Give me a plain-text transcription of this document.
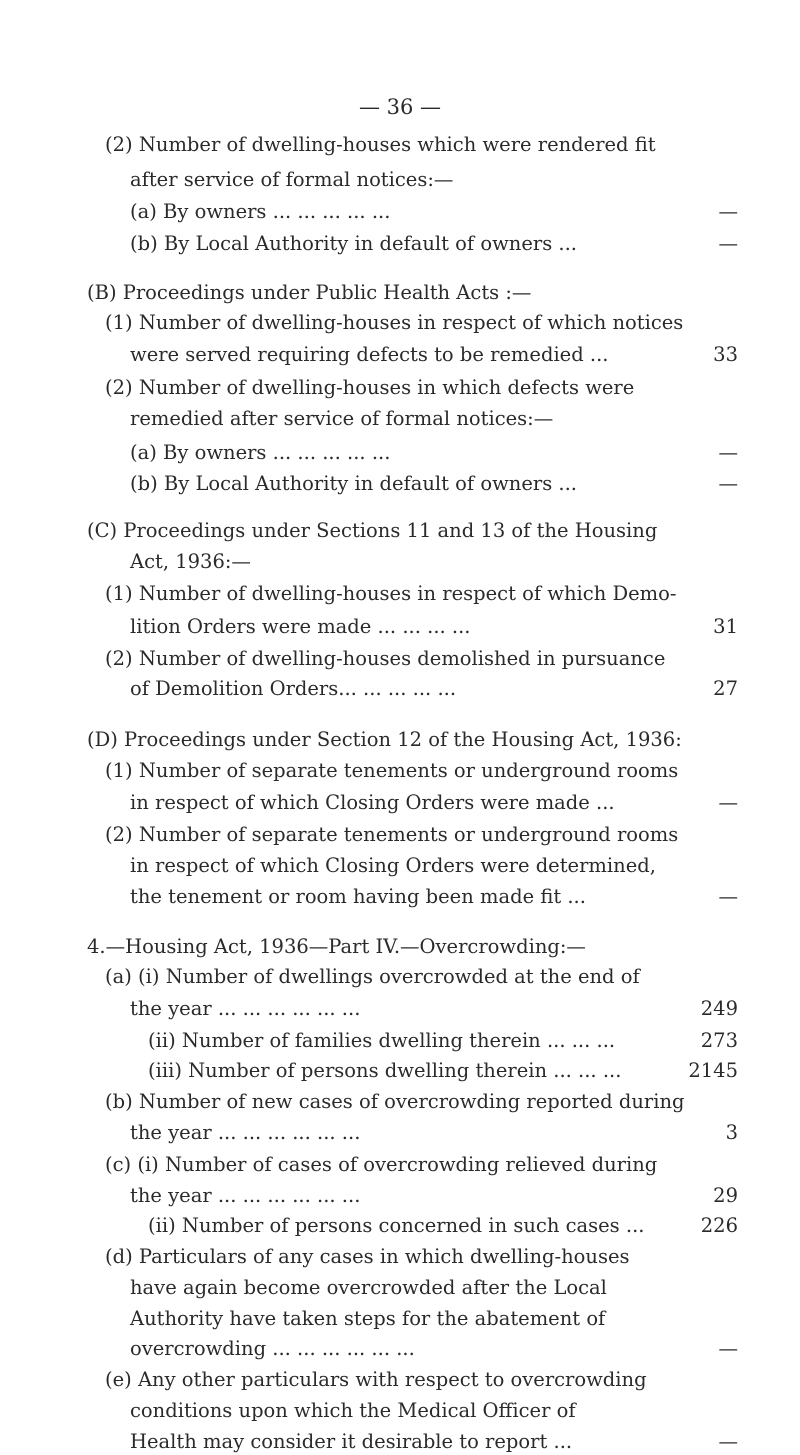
— 36 —
(2) Number of dwelling-houses which were rendered fit
after service of formal notices:—
(a) By owners ... ... ... ... ...	—
(b) By Local Authority in default of owners ...	—
(B) Proceedings under Public Health Acts :—
(1) Number of dwelling-houses in respect of which notices
were served requiring defects to be remedied ...	33
(2) Number of dwelling-houses in which defects were
remedied after service of formal notices:—
(a) By owners ... ... ... ... ...	—
(b) By Local Authority in default of owners ...	—
(C) Proceedings under Sections 11 and 13 of the Housing
Act, 1936:—
(1) Number of dwelling-houses in respect of which Demo-
lition Orders were made ... ... ... ...	31
(2) Number of dwelling-houses demolished in pursuance
of Demolition Orders... ... ... ... ...	27
(D) Proceedings under Section 12 of the Housing Act, 1936:
(1) Number of separate tenements or underground rooms
in respect of which Closing Orders were made ...	—
(2) Number of separate tenements or underground rooms
in respect of which Closing Orders were determined,
the tenement or room having been made fit ...	—
4.—Housing Act, 1936—Part IV.—Overcrowding:—
(a) (i) Number of dwellings overcrowded at the end of
the year ... ... ... ... ... ...	249
(ii) Number of families dwelling therein ... ... ...	273
(iii) Number of persons dwelling therein ... ... ...	2145
(b) Number of new cases of overcrowding reported during
the year ... ... ... ... ... ...	3
(c) (i) Number of cases of overcrowding relieved during
the year ... ... ... ... ... ...	29
(ii) Number of persons concerned in such cases ...	226
(d) Particulars of any cases in which dwelling-houses
have again become overcrowded after the Local
Authority have taken steps for the abatement of
overcrowding ... ... ... ... ... ...	—
(e) Any other particulars with respect to overcrowding
conditions upon which the Medical Officer of
Health may consider it desirable to report ...	—
